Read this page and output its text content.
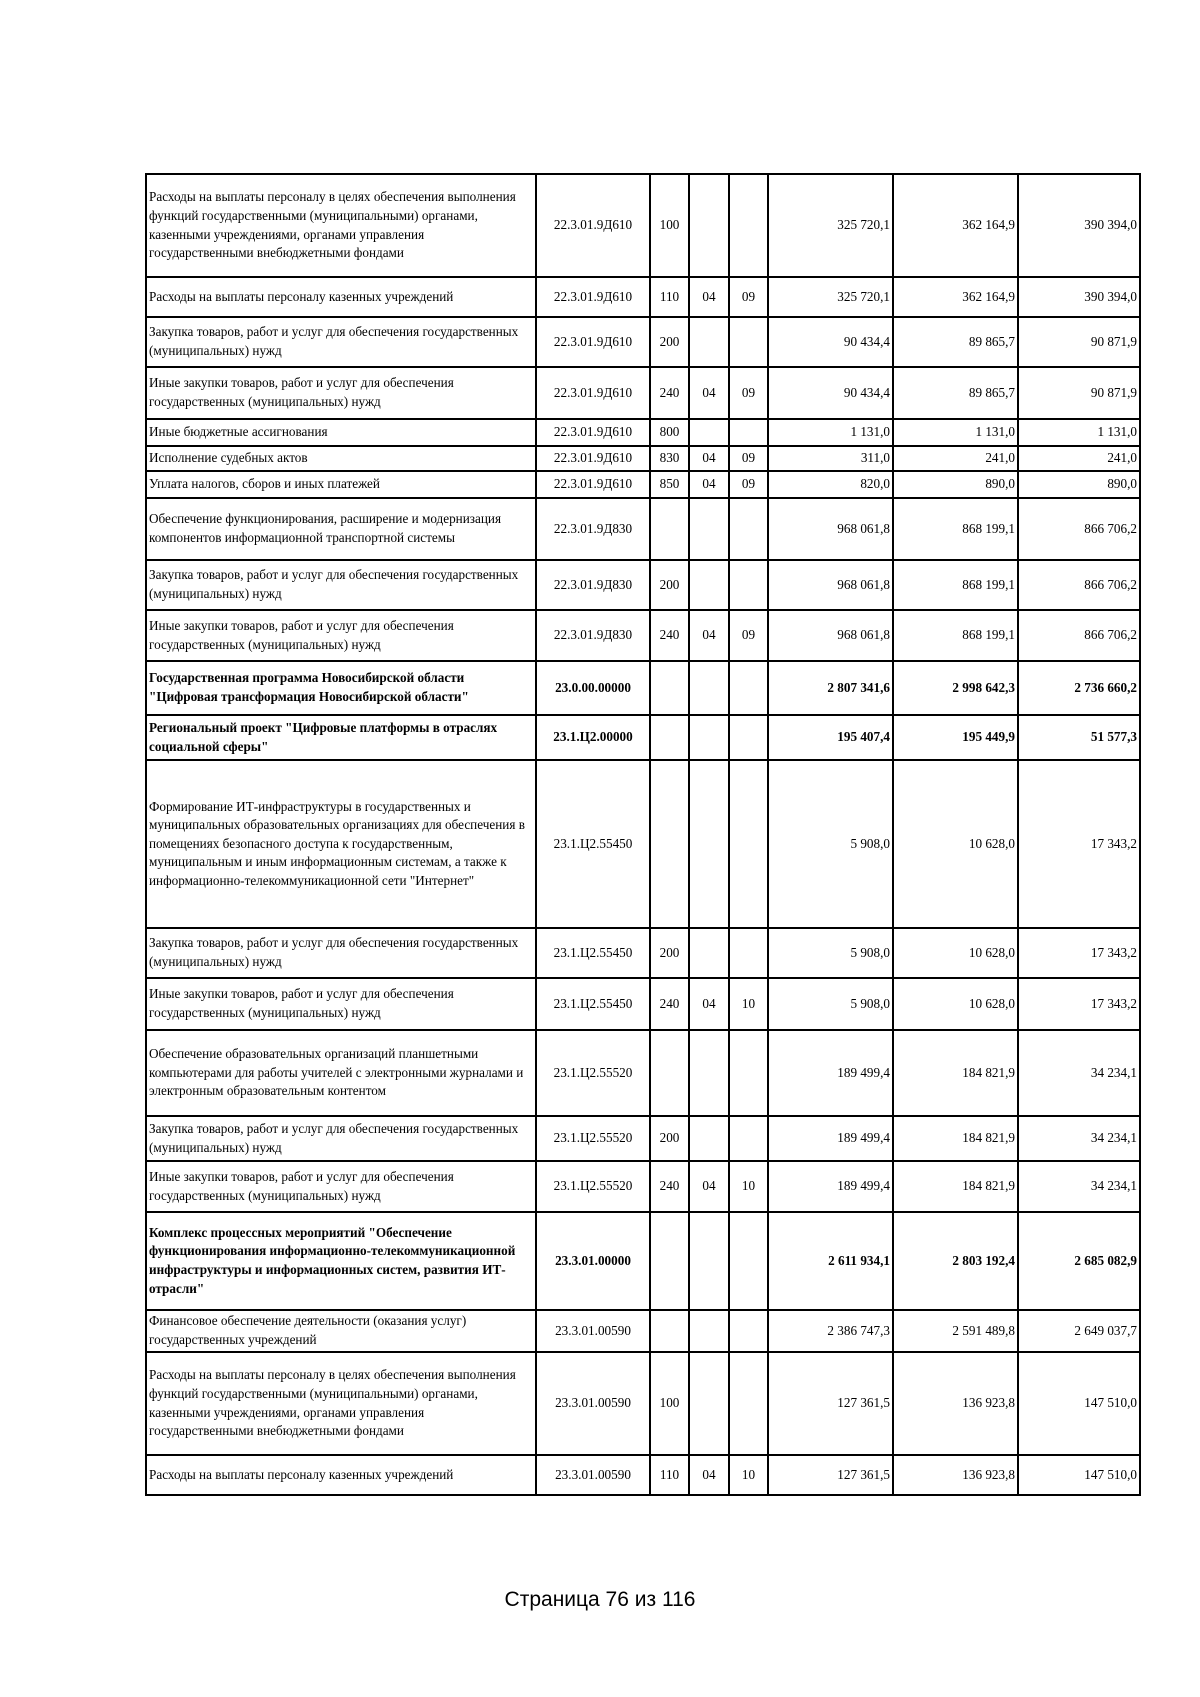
Расходы на выплаты персоналу в целях обеспечения выполнения функций государственными (муниципальными) органами, казенными учреждениями, органами управления государственными внебюджетными фондами	22.3.01.9Д610	100			325 720,1	362 164,9	390 394,0
Расходы на выплаты персоналу казенных учреждений	22.3.01.9Д610	110	04	09	325 720,1	362 164,9	390 394,0
Закупка товаров, работ и услуг для обеспечения государственных (муниципальных) нужд	22.3.01.9Д610	200			90 434,4	89 865,7	90 871,9
Иные закупки товаров, работ и услуг для обеспечения государственных (муниципальных) нужд	22.3.01.9Д610	240	04	09	90 434,4	89 865,7	90 871,9
Иные бюджетные ассигнования	22.3.01.9Д610	800			1 131,0	1 131,0	1 131,0
Исполнение судебных актов	22.3.01.9Д610	830	04	09	311,0	241,0	241,0
Уплата налогов, сборов и иных платежей	22.3.01.9Д610	850	04	09	820,0	890,0	890,0
Обеспечение функционирования, расширение и модернизация компонентов информационной транспортной системы	22.3.01.9Д830				968 061,8	868 199,1	866 706,2
Закупка товаров, работ и услуг для обеспечения государственных (муниципальных) нужд	22.3.01.9Д830	200			968 061,8	868 199,1	866 706,2
Иные закупки товаров, работ и услуг для обеспечения государственных (муниципальных) нужд	22.3.01.9Д830	240	04	09	968 061,8	868 199,1	866 706,2
Государственная программа Новосибирской области "Цифровая трансформация Новосибирской области"	23.0.00.00000				2 807 341,6	2 998 642,3	2 736 660,2
Региональный проект "Цифровые платформы в отраслях социальной сферы"	23.1.Ц2.00000				195 407,4	195 449,9	51 577,3
Формирование ИТ-инфраструктуры в государственных и муниципальных образовательных организациях для обеспечения в помещениях безопасного доступа к государственным, муниципальным и иным информационным системам, а также к информационно-телекоммуникационной сети "Интернет"	23.1.Ц2.55450				5 908,0	10 628,0	17 343,2
Закупка товаров, работ и услуг для обеспечения государственных (муниципальных) нужд	23.1.Ц2.55450	200			5 908,0	10 628,0	17 343,2
Иные закупки товаров, работ и услуг для обеспечения государственных (муниципальных) нужд	23.1.Ц2.55450	240	04	10	5 908,0	10 628,0	17 343,2
Обеспечение образовательных организаций планшетными компьютерами для работы учителей с электронными журналами и электронным образовательным контентом	23.1.Ц2.55520				189 499,4	184 821,9	34 234,1
Закупка товаров, работ и услуг для обеспечения государственных (муниципальных) нужд	23.1.Ц2.55520	200			189 499,4	184 821,9	34 234,1
Иные закупки товаров, работ и услуг для обеспечения государственных (муниципальных) нужд	23.1.Ц2.55520	240	04	10	189 499,4	184 821,9	34 234,1
Комплекс процессных мероприятий "Обеспечение функционирования информационно-телекоммуникационной инфраструктуры и информационных систем, развития ИТ-отрасли"	23.3.01.00000				2 611 934,1	2 803 192,4	2 685 082,9
Финансовое обеспечение деятельности (оказания услуг) государственных учреждений	23.3.01.00590				2 386 747,3	2 591 489,8	2 649 037,7
Расходы на выплаты персоналу в целях обеспечения выполнения функций государственными (муниципальными) органами, казенными учреждениями, органами управления государственными внебюджетными фондами	23.3.01.00590	100			127 361,5	136 923,8	147 510,0
Расходы на выплаты персоналу казенных учреждений	23.3.01.00590	110	04	10	127 361,5	136 923,8	147 510,0
Страница 76 из 116
